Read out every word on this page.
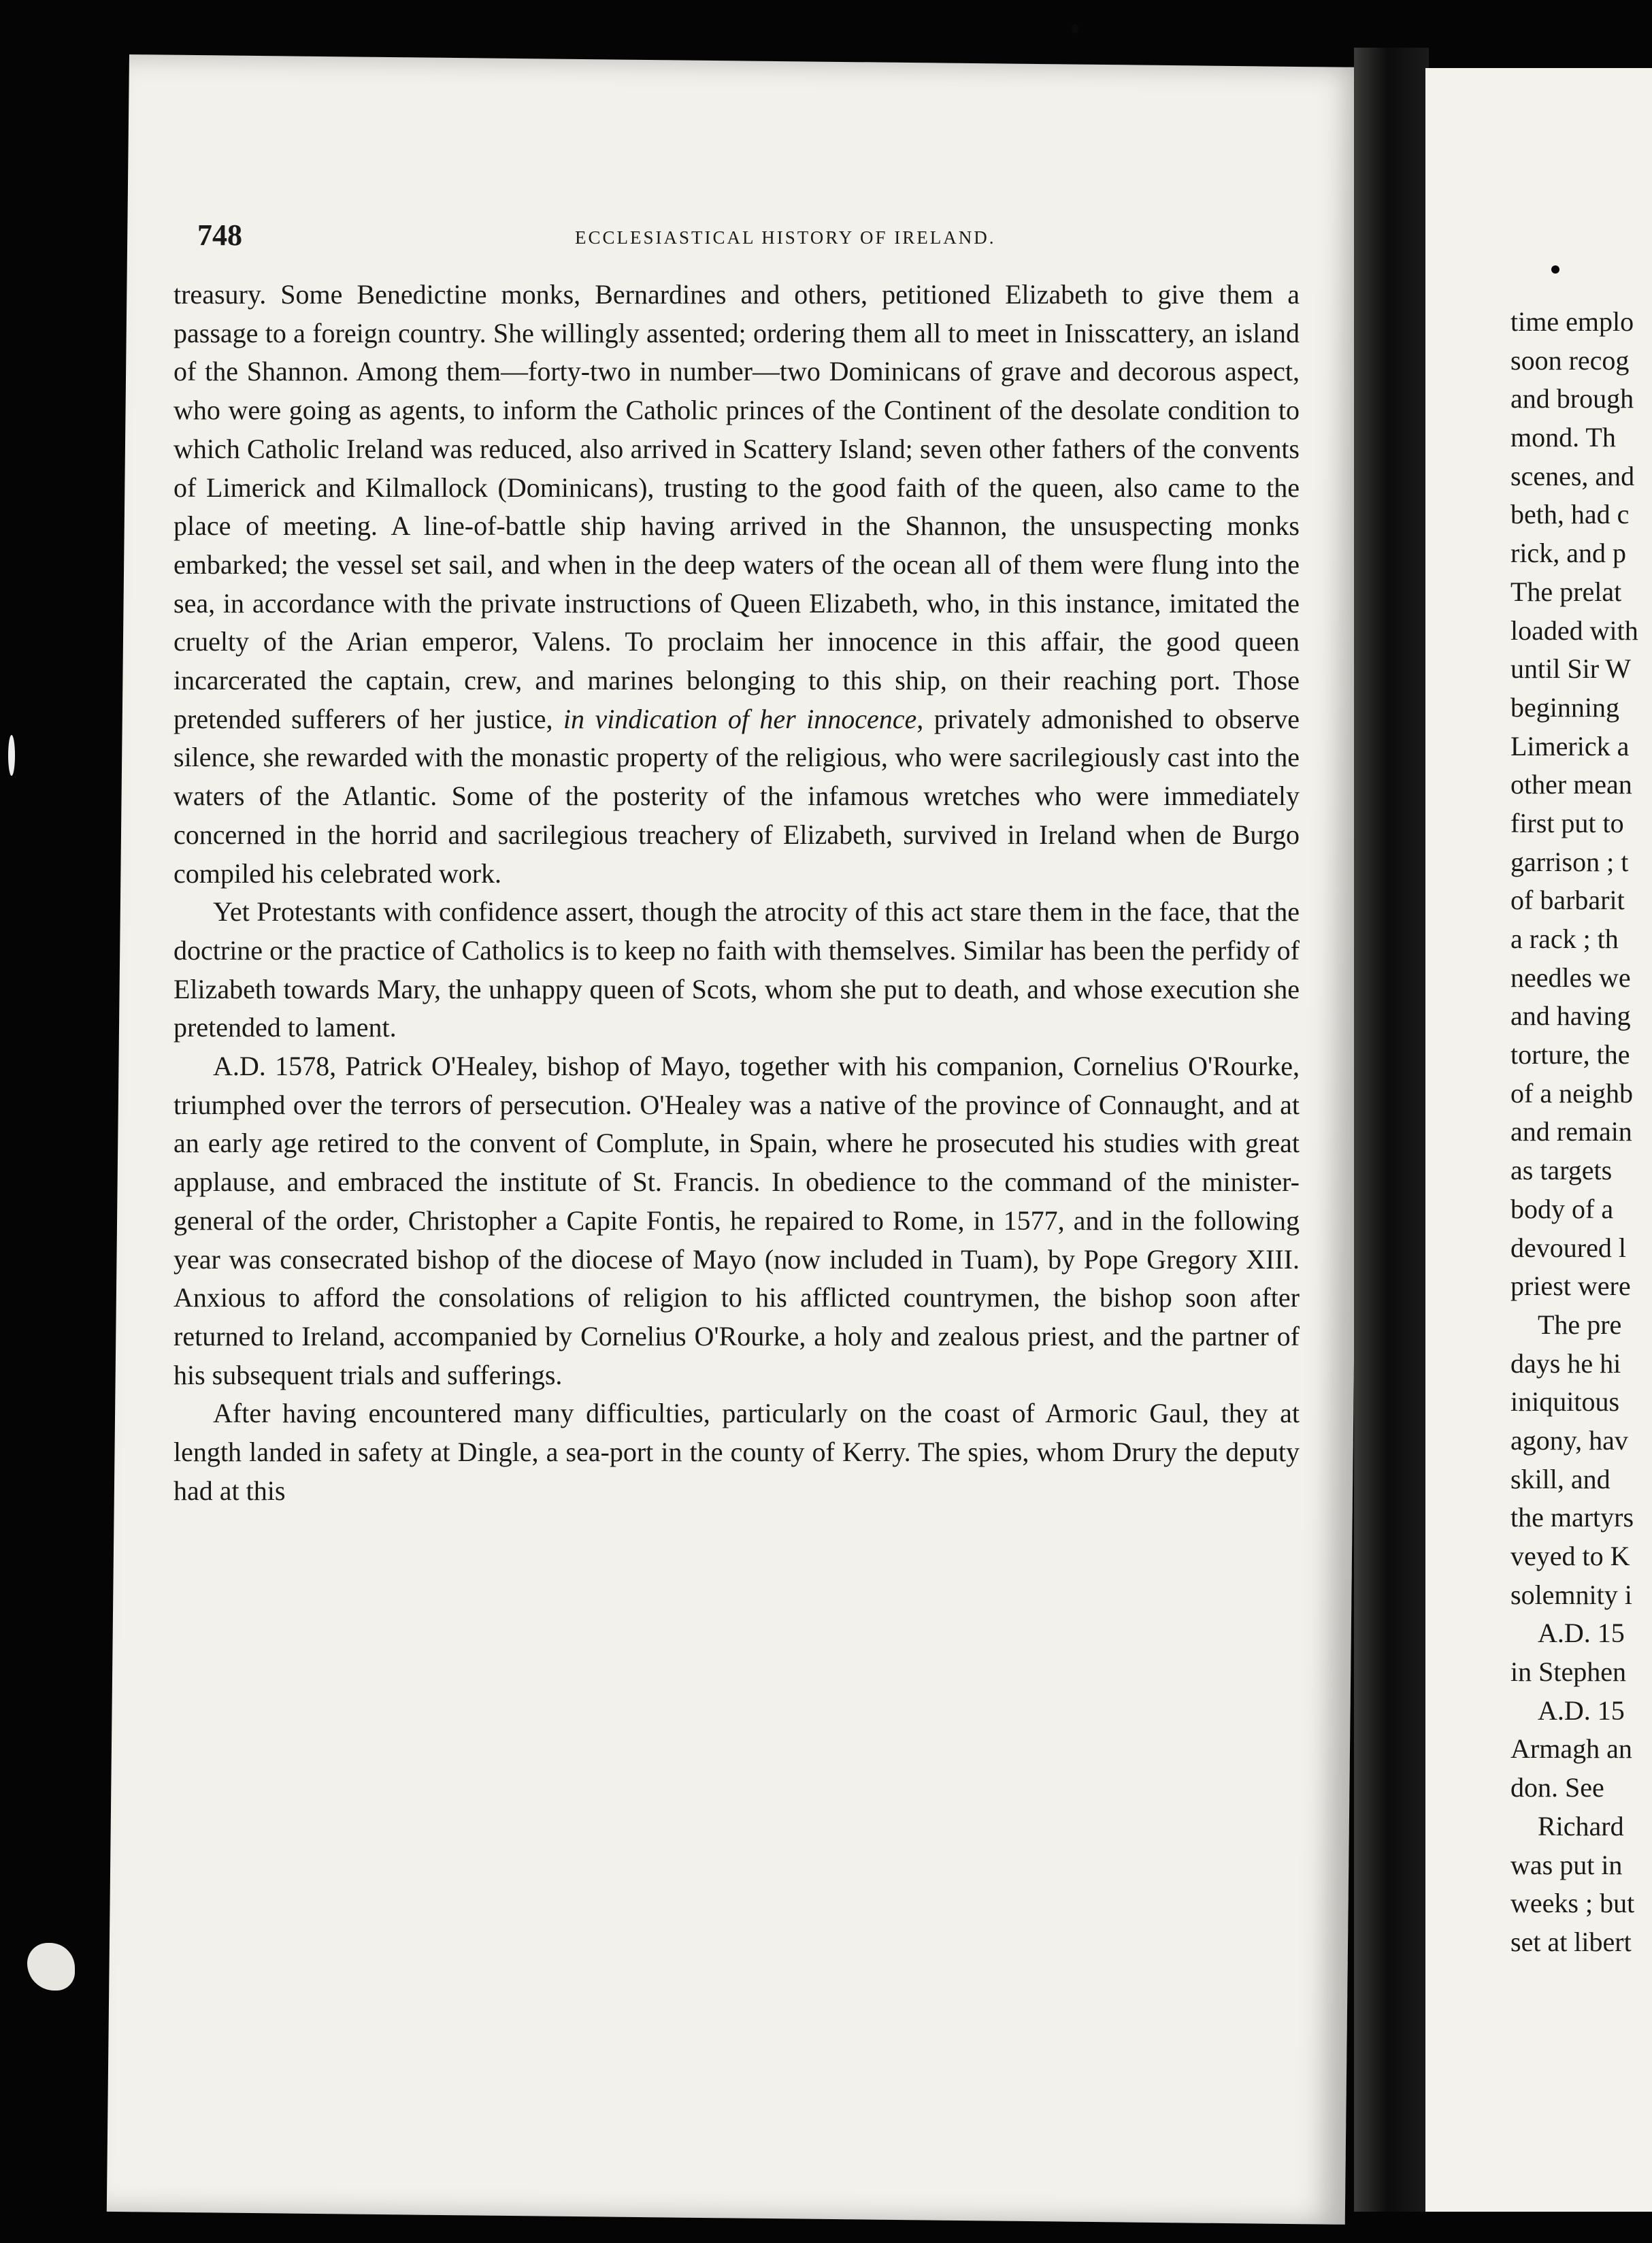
time emplo
soon recog
and brough
mond. Th
scenes, and
beth, had c
rick, and p
The prelat
loaded with
until Sir W
beginning
Limerick a
other mean
first put to
garrison ; t
of barbarit
a rack ; th
needles we
and having
torture, the
of a neighb
and remain
as targets
body of a
devoured l
priest were
The pre
days he hi
iniquitous
agony, hav
skill, and
the martyrs
veyed to K
solemnity i
A.D. 15
in Stephen
A.D. 15
Armagh an
don. See
Richard
was put in
weeks ; but
set at libert
748	ECCLESIASTICAL HISTORY OF IRELAND.

treasury. Some Benedictine monks, Bernardines and others, petitioned Elizabeth to give them a passage to a foreign country. She willingly assented; ordering them all to meet in Inisscattery, an island of the Shannon. Among them—forty-two in number—two Dominicans of grave and decorous aspect, who were going as agents, to inform the Catholic princes of the Continent of the desolate condition to which Catholic Ireland was reduced, also arrived in Scattery Island; seven other fathers of the convents of Limerick and Kilmallock (Dominicans), trusting to the good faith of the queen, also came to the place of meeting. A line-of-battle ship having arrived in the Shannon, the unsuspecting monks embarked; the vessel set sail, and when in the deep waters of the ocean all of them were flung into the sea, in accordance with the private instructions of Queen Elizabeth, who, in this instance, imitated the cruelty of the Arian emperor, Valens. To proclaim her innocence in this affair, the good queen incarcerated the captain, crew, and marines belonging to this ship, on their reaching port. Those pretended sufferers of her justice, in vindication of her innocence, privately admonished to observe silence, she rewarded with the monastic property of the religious, who were sacrilegiously cast into the waters of the Atlantic. Some of the posterity of the infamous wretches who were immediately concerned in the horrid and sacrilegious treachery of Elizabeth, survived in Ireland when de Burgo compiled his celebrated work.

Yet Protestants with confidence assert, though the atrocity of this act stare them in the face, that the doctrine or the practice of Catholics is to keep no faith with themselves. Similar has been the perfidy of Elizabeth towards Mary, the unhappy queen of Scots, whom she put to death, and whose execution she pretended to lament.

A.D. 1578, Patrick O'Healey, bishop of Mayo, together with his companion, Cornelius O'Rourke, triumphed over the terrors of persecution. O'Healey was a native of the province of Connaught, and at an early age retired to the convent of Complute, in Spain, where he prosecuted his studies with great applause, and embraced the institute of St. Francis. In obedience to the command of the minister-general of the order, Christopher a Capite Fontis, he repaired to Rome, in 1577, and in the following year was consecrated bishop of the diocese of Mayo (now included in Tuam), by Pope Gregory XIII. Anxious to afford the consolations of religion to his afflicted countrymen, the bishop soon after returned to Ireland, accompanied by Cornelius O'Rourke, a holy and zealous priest, and the partner of his subsequent trials and sufferings.

After having encountered many difficulties, particularly on the coast of Armoric Gaul, they at length landed in safety at Dingle, a sea-port in the county of Kerry. The spies, whom Drury the deputy had at this
